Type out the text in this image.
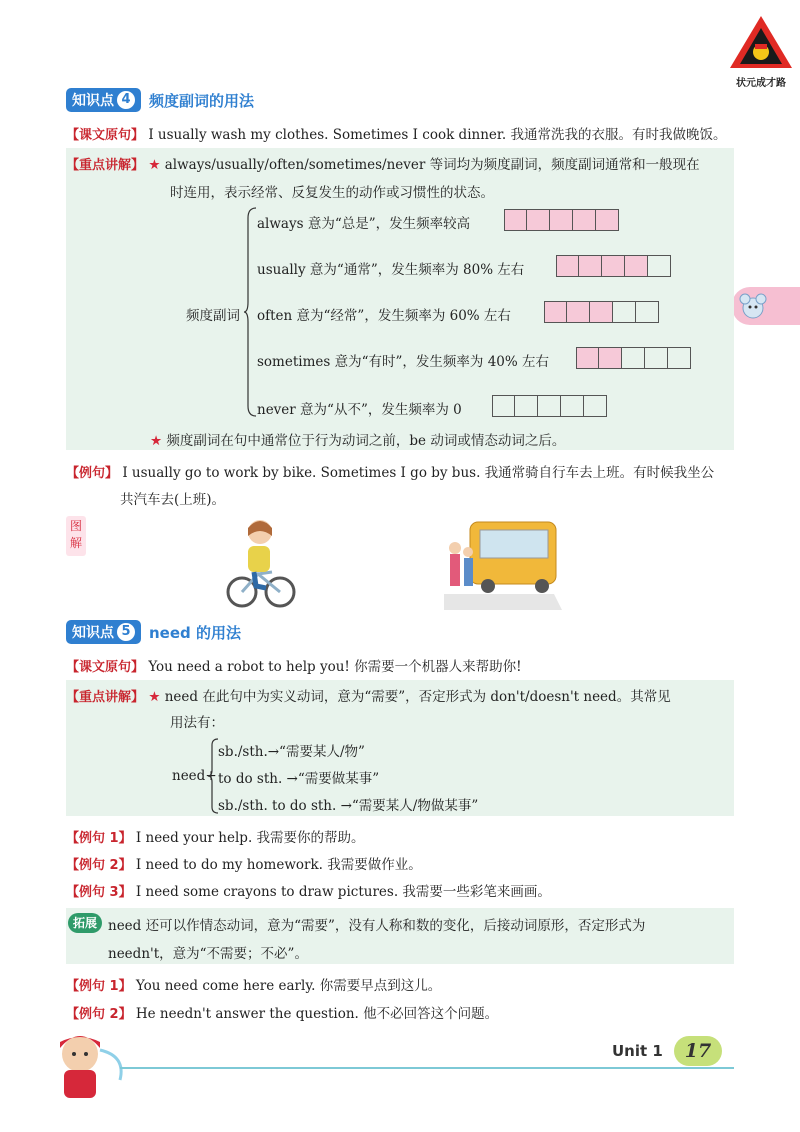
状元成才路
知识点 4 频度副词的用法
【课文原句】 I usually wash my clothes. Sometimes I cook dinner. 我通常洗我的衣服。有时我做晚饭。
【重点讲解】 ★ always/usually/often/sometimes/never 等词均为频度副词，频度副词通常和一般现在
时连用，表示经常、反复发生的动作或习惯性的状态。
频度副词
always 意为“总是”，发生频率较高
usually 意为“通常”，发生频率为 80% 左右
often 意为“经常”，发生频率为 60% 左右
sometimes 意为“有时”，发生频率为 40% 左右
never 意为“从不”，发生频率为 0
★ 频度副词在句中通常位于行为动词之前，be 动词或情态动词之后。
【例句】 I usually go to work by bike. Sometimes I go by bus. 我通常骑自行车去上班。有时候我坐公
共汽车去(上班)。
图解
知识点 5 need 的用法
【课文原句】 You need a robot to help you! 你需要一个机器人来帮助你!
【重点讲解】 ★ need 在此句中为实义动词，意为“需要”，否定形式为 don't/doesn't need。其常见
用法有：
need+
sb./sth.→“需要某人/物”
to do sth. →“需要做某事”
sb./sth. to do sth. →“需要某人/物做某事”
【例句 1】 I need your help. 我需要你的帮助。
【例句 2】 I need to do my homework. 我需要做作业。
【例句 3】 I need some crayons to draw pictures. 我需要一些彩笔来画画。
拓展 need 还可以作情态动词，意为“需要”，没有人称和数的变化，后接动词原形，否定形式为
needn't，意为“不需要；不必”。
【例句 1】 You need come here early. 你需要早点到这儿。
【例句 2】 He needn't answer the question. 他不必回答这个问题。
Unit 1	17
